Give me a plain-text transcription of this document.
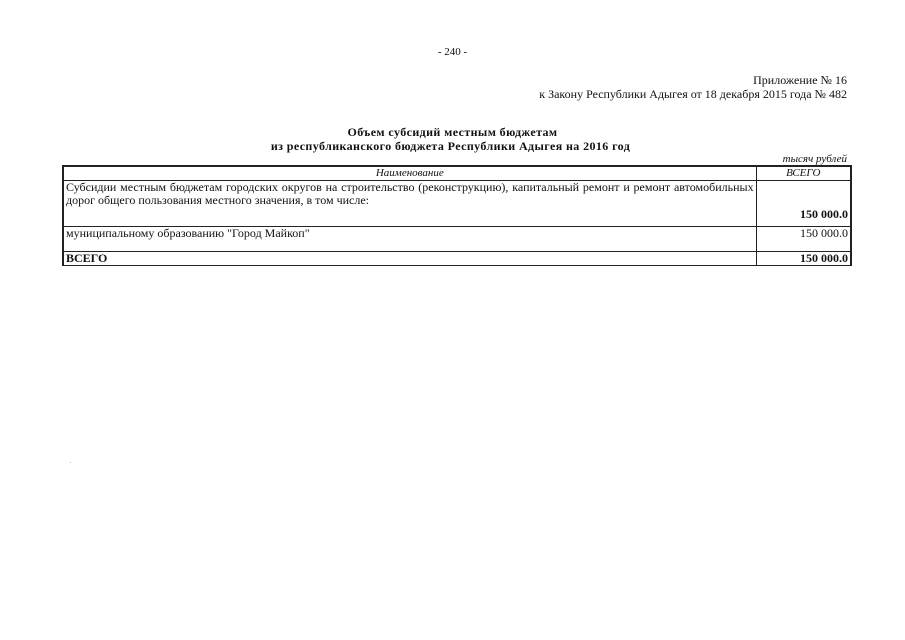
- 240 -
Приложение № 16
к Закону Республики Адыгея от 18 декабря 2015 года № 482
Объем субсидий местным бюджетам
из республиканского бюджета Республики Адыгея на 2016 год
тысяч рублей
Наименование	ВСЕГО
Субсидии местным бюджетам городских округов на строительство (реконструкцию), капитальный ремонт и ремонт автомобильных дорог общего пользования местного значения, в том числе:	150 000.0
муниципальному образованию "Город Майкоп"	150 000.0
ВСЕГО	150 000.0
